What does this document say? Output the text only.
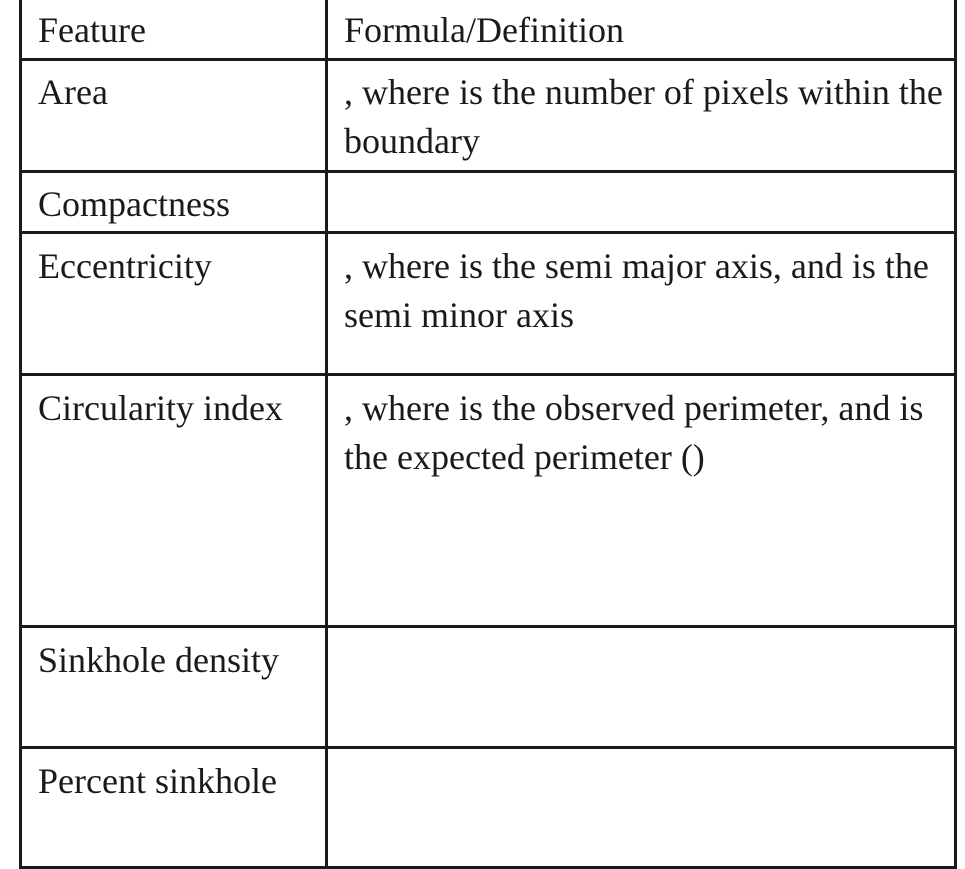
Feature	Formula/Definition

Area	, where is the number of pixels within the boundary

Compactness	

Eccentricity	, where is the semi major axis, and is the semi minor axis

Circularity index	, where is the observed perimeter, and is the expected perimeter ()

Sinkhole density	

Percent sinkhole	
